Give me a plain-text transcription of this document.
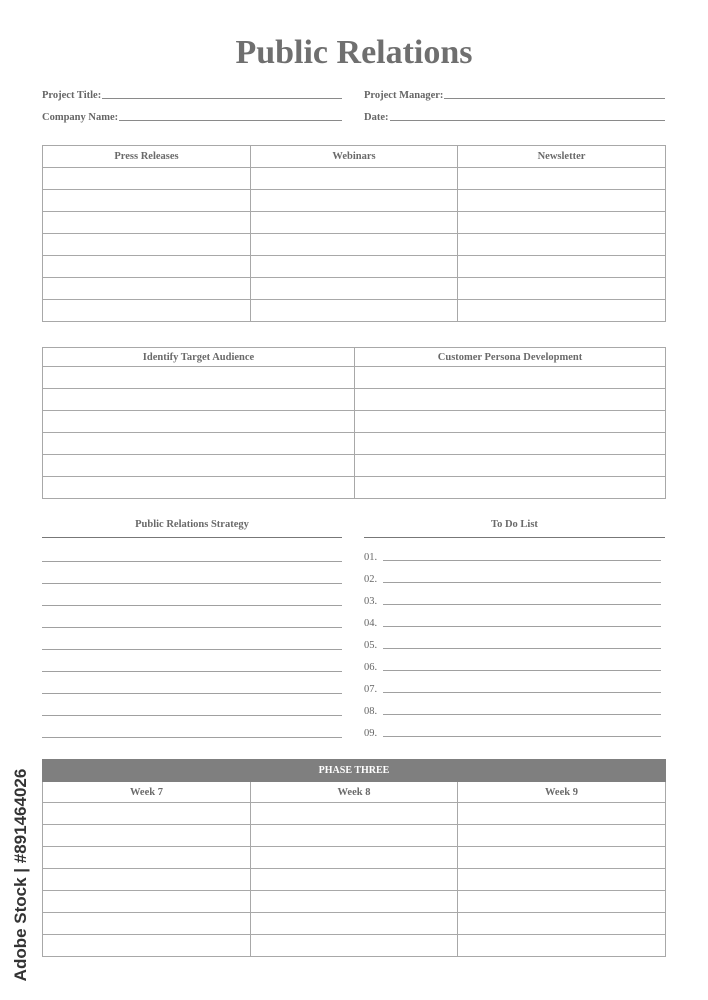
Public Relations
Project Title:	Project Manager:
Company Name:	Date:
Press Releases	Webinars	Newsletter

Identify Target Audience	Customer Persona Development

Public Relations Strategy	To Do List
01.
02.
03.
04.
05.
06.
07.
08.
09.
PHASE THREE		
Week 7	Week 8	Week 9

Adobe Stock | #891464026
